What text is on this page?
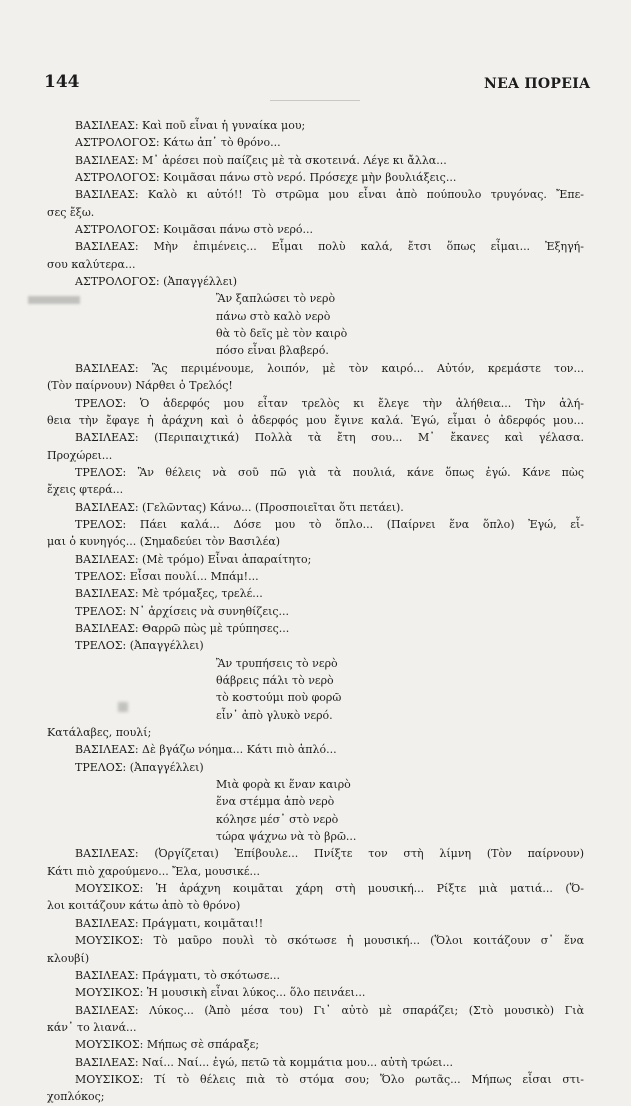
144	ΝΕΑ ΠΟΡΕΙΑ
ΒΑΣΙΛΕΑΣ: Καὶ ποῦ εἶναι ἡ γυναίκα μου;
ΑΣΤΡΟΛΟΓΟΣ: Κάτω ἀπ᾽ τὸ θρόνο...
ΒΑΣΙΛΕΑΣ: Μ᾽ ἀρέσει ποὺ παίζεις μὲ τὰ σκοτεινά. Λέγε κι ἄλλα...
ΑΣΤΡΟΛΟΓΟΣ: Κοιμᾶσαι πάνω στὸ νερό. Πρόσεχε μὴν βουλιάξεις...
ΒΑΣΙΛΕΑΣ: Καλὸ κι αὐτό!! Τὸ στρῶμα μου εἶναι ἀπὸ πούπουλο τρυγόνας. Ἔπε-
σες ἔξω.
ΑΣΤΡΟΛΟΓΟΣ: Κοιμᾶσαι πάνω στὸ νερό...
ΒΑΣΙΛΕΑΣ: Μὴν ἐπιμένεις... Εἶμαι πολὺ καλά, ἔτσι ὅπως εἶμαι... Ἐξηγή-
σου καλύτερα...
ΑΣΤΡΟΛΟΓΟΣ: (Ἀπαγγέλλει)
Ἂν ξαπλώσει τὸ νερὸ
πάνω στὸ καλὸ νερὸ
θὰ τὸ δεῖς μὲ τὸν καιρὸ
πόσο εἶναι βλαβερό.
ΒΑΣΙΛΕΑΣ: Ἂς περιμένουμε, λοιπόν, μὲ τὸν καιρό... Αὐτόν, κρεμάστε τον...
(Τὸν παίρνουν) Νάρθει ὁ Τρελός!
ΤΡΕΛΟΣ: Ὁ ἀδερφός μου εἶταν τρελὸς κι ἔλεγε τὴν ἀλήθεια... Τὴν ἀλή-
θεια τὴν ἔφαγε ἡ ἀράχνη καὶ ὁ ἀδερφός μου ἔγινε καλά. Ἐγώ, εἶμαι ὁ ἀδερφός μου...
ΒΑΣΙΛΕΑΣ: (Περιπαιχτικά) Πολλὰ τὰ ἔτη σου... Μ᾽ ἔκανες καὶ γέλασα.
Προχώρει...
ΤΡΕΛΟΣ: Ἂν θέλεις νὰ σοῦ πῶ γιὰ τὰ πουλιά, κάνε ὅπως ἐγώ. Κάνε πὼς
ἔχεις φτερά...
ΒΑΣΙΛΕΑΣ: (Γελῶντας) Κάνω... (Προσποιεῖται ὅτι πετάει).
ΤΡΕΛΟΣ: Πάει καλά... Δόσε μου τὸ ὅπλο... (Παίρνει ἕνα ὅπλο) Ἐγώ, εἶ-
μαι ὁ κυνηγός... (Σημαδεύει τὸν Βασιλέα)
ΒΑΣΙΛΕΑΣ: (Μὲ τρόμο) Εἶναι ἀπαραίτητο;
ΤΡΕΛΟΣ: Εἶσαι πουλί... Μπάμ!...
ΒΑΣΙΛΕΑΣ: Μὲ τρόμαξες, τρελέ...
ΤΡΕΛΟΣ: Ν᾽ ἀρχίσεις νὰ συνηθίζεις...
ΒΑΣΙΛΕΑΣ: Θαρρῶ πὼς μὲ τρύπησες...
ΤΡΕΛΟΣ: (Ἀπαγγέλλει)
Ἂν τρυπήσεις τὸ νερὸ
θάβρεις πάλι τὸ νερὸ
τὸ κοστούμι ποὺ φορῶ
εἶν᾽ ἀπὸ γλυκὸ νερό.
Κατάλαβες, πουλί;
ΒΑΣΙΛΕΑΣ: Δὲ βγάζω νόημα... Κάτι πιὸ ἁπλό...
ΤΡΕΛΟΣ: (Ἀπαγγέλλει)
Μιὰ φορὰ κι ἕναν καιρὸ
ἕνα στέμμα ἀπὸ νερὸ
κόλησε μέσ᾽ στὸ νερὸ
τώρα ψάχνω νὰ τὸ βρῶ...
ΒΑΣΙΛΕΑΣ: (Ὀργίζεται) Ἐπίβουλε... Πνίξτε τον στὴ λίμνη (Τὸν παίρνουν)
Κάτι πιὸ χαρούμενο... Ἔλα, μουσικέ...
ΜΟΥΣΙΚΟΣ: Ἡ ἀράχνη κοιμᾶται χάρη στὴ μουσική... Ρίξτε μιὰ ματιά... (Ὅ-
λοι κοιτάζουν κάτω ἀπὸ τὸ θρόνο)
ΒΑΣΙΛΕΑΣ: Πράγματι, κοιμᾶται!!
ΜΟΥΣΙΚΟΣ: Τὸ μαῦρο πουλὶ τὸ σκότωσε ἡ μουσική... (Ὅλοι κοιτάζουν σ᾽ ἕνα
κλουβί)
ΒΑΣΙΛΕΑΣ: Πράγματι, τὸ σκότωσε...
ΜΟΥΣΙΚΟΣ: Ἡ μουσικὴ εἶναι λύκος... ὅλο πεινάει...
ΒΑΣΙΛΕΑΣ: Λύκος... (Ἀπὸ μέσα του) Γι᾽ αὐτὸ μὲ σπαράζει; (Στὸ μουσικὸ) Γιὰ
κάν᾽ το λιανά...
ΜΟΥΣΙΚΟΣ: Μήπως σὲ σπάραξε;
ΒΑΣΙΛΕΑΣ: Ναί... Ναί... ἐγώ, πετῶ τὰ κομμάτια μου... αὐτὴ τρώει...
ΜΟΥΣΙΚΟΣ: Τί τὸ θέλεις πιὰ τὸ στόμα σου; Ὅλο ρωτᾶς... Μήπως εἶσαι στι-
χοπλόκος;
